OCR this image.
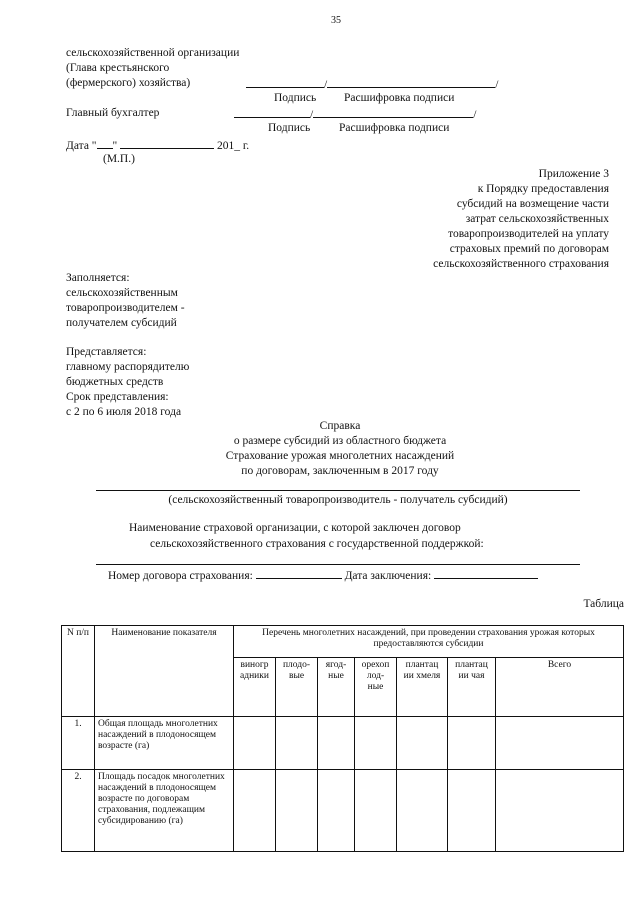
35
сельскохозяйственной организации
(Глава крестьянского
(фермерского) хозяйства)	/	/
Подпись Расшифровка подписи
Главный бухгалтер	/	/
Подпись	Расшифровка подписи
Дата " "	201_ г.
(М.П.)
Приложение 3
к Порядку предоставления
субсидий на возмещение части
затрат сельскохозяйственных
товаропроизводителей на уплату
страховых премий по договорам
сельскохозяйственного страхования
Заполняется:
сельскохозяйственным
товаропроизводителем -
получателем субсидий
Представляется:
главному распорядителю
бюджетных средств
Срок представления:
с 2 по 6 июля 2018 года
Справка
о размере субсидий из областного бюджета
Страхование урожая многолетних насаждений
по договорам, заключенным в 2017 году
(сельскохозяйственный товаропроизводитель - получатель субсидий)
Наименование страховой организации, с которой заключен договор
сельскохозяйственного страхования с государственной поддержкой:
Номер договора страхования:	Дата заключения:
Таблица
N п/п	Наименование показателя	Перечень многолетних насаждений, при проведении страхования урожая которых предоставляются субсидии						
		виногр адники	плодо- вые	ягод- ные	орехоп лод- ные	плантац ии хмеля	плантац ии чая	Всего
1.	Общая площадь многолетних насаждений в плодоносящем возрасте (га)							
2.	Площадь посадок многолетних насаждений в плодоносящем возрасте по договорам страхования, подлежащим субсидированию (га)							
